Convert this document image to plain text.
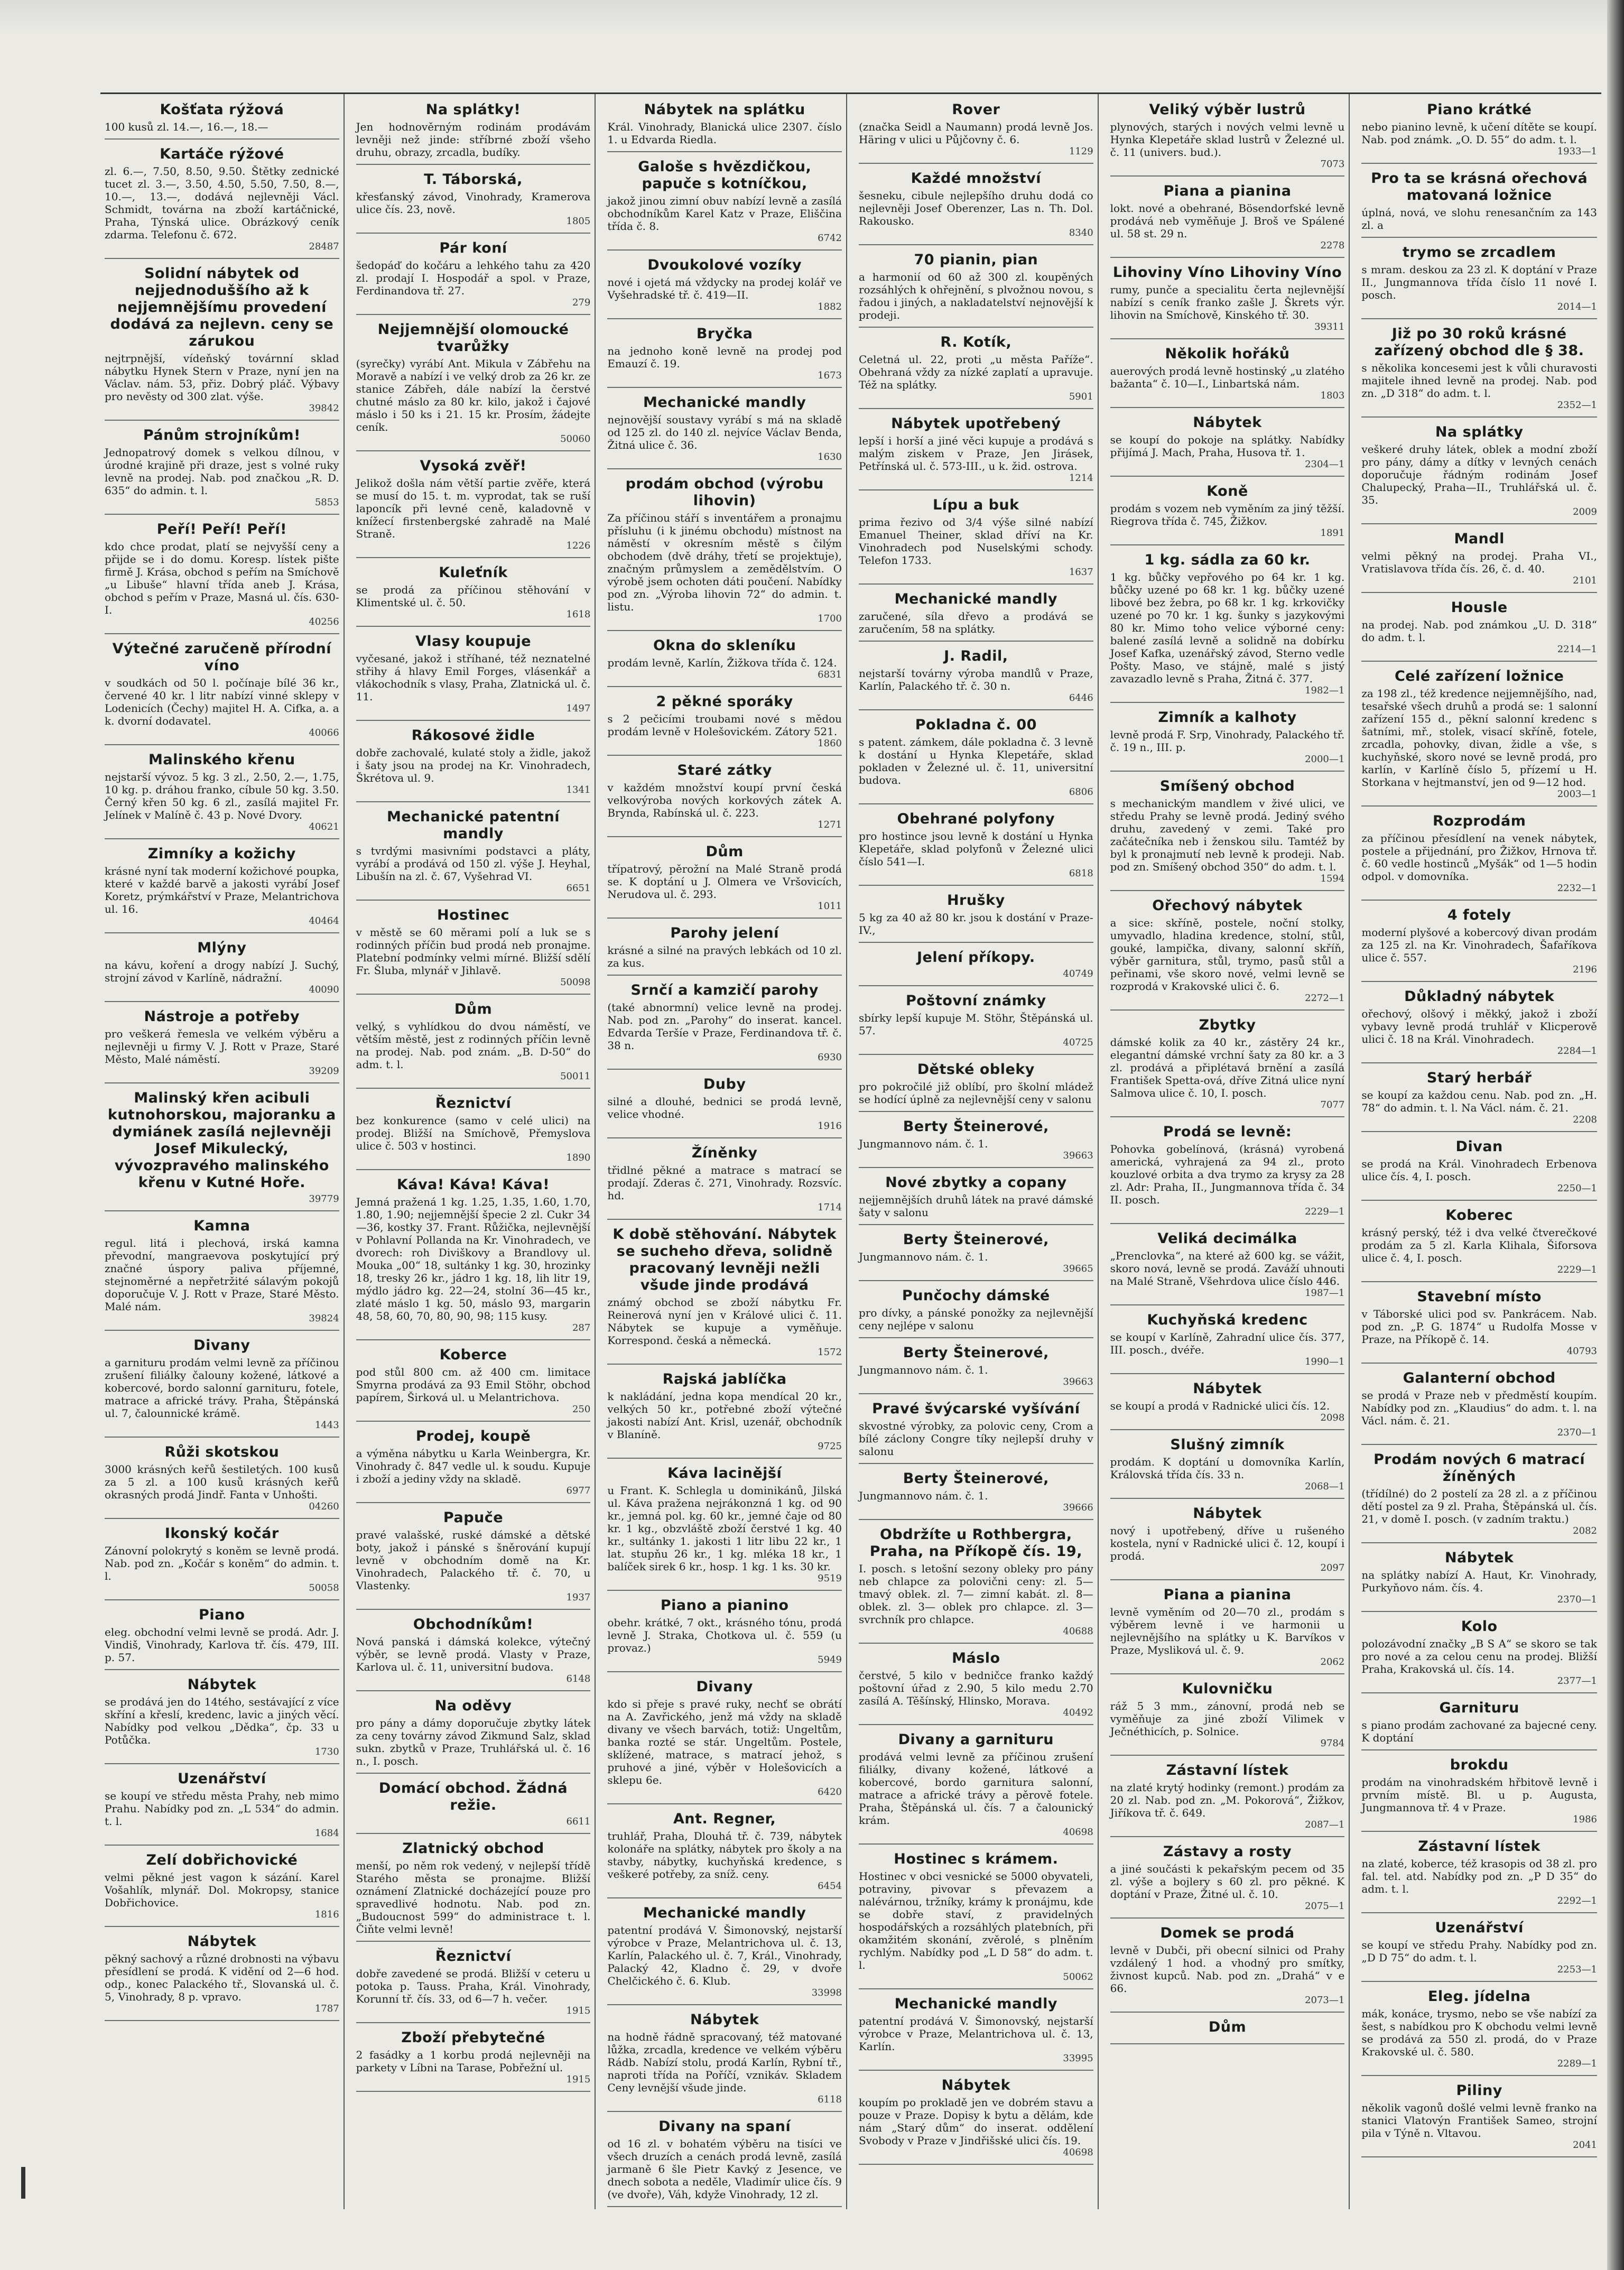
Košťata rýžová
100 kusů zl. 14.—, 16.—, 18.—
Kartáče rýžové
zl. 6.—, 7.50, 8.50, 9.50. Štětky zednické tucet zl. 3.—, 3.50, 4.50, 5.50, 7.50, 8.—, 10.—, 13.—, dodává nejlevněji Václ. Schmidt, továrna na zboží kartáčnické, Praha, Týnská ulice. Obrázkový ceník zdarma. Telefonu č. 672.
28487
Solidní nábytek od nejjednoduššího až k nejjemnějšímu provedení dodává za nejlevn. ceny se zárukou
nejtrpnější, vídeňský továrnní sklad nábytku Hynek Stern v Praze, nyní jen na Václav. nám. 53, přiz. Dobrý pláč. Výbavy pro nevěsty od 300 zlat. výše.
39842
Pánům strojníkům!
Jednopatrový domek s velkou dílnou, v úrodné krajině při draze, jest s volné ruky levně na prodej. Nab. pod značkou „R. D. 635“ do admin. t. l.
5853
Peří! Peří! Peří!
kdo chce prodat, platí se nejvyšší ceny a přijde se i do domu. Koresp. lístek pište firmě J. Krása, obchod s peřím na Smíchově „u Libuše“ hlavní třída aneb J. Krása, obchod s peřím v Praze, Masná ul. čís. 630-I.
40256
Výtečné zaručeně přírodní víno
v soudkách od 50 l. počínaje bílé 36 kr., červené 40 kr. l litr nabízí vinné sklepy v Lodenicích (Čechy) majitel H. A. Cifka, a. a k. dvorní dodavatel.
40066
Malinského křenu
nejstarší vývoz. 5 kg. 3 zl., 2.50, 2.—, 1.75, 10 kg. p. dráhou franko, cíbule 50 kg. 3.50. Černý křen 50 kg. 6 zl., zasílá majitel Fr. Jelínek v Malíně č. 43 p. Nové Dvory.
40621
Zimníky a kožichy
krásné nyní tak moderní kožichové poupka, které v každé barvě a jakosti vyrábí Josef Koretz, prýmkářství v Praze, Melantrichova ul. 16.
40464
Mlýny
na kávu, koření a drogy nabízí J. Suchý, strojní závod v Karlíně, nádražní.
40090
Nástroje a potřeby
pro veškerá řemesla ve velkém výběru a nejlevněji u firmy V. J. Rott v Praze, Staré Město, Malé náměstí.
39209
Malinský křen acibuli kutnohorskou, majoranku a dymiánek zasílá nejlevněji Josef Mikulecký, vývozpravého malinského křenu v Kutné Hoře.
39779
Kamna
regul. litá i plechová, irská kamna převodní, mangraevova poskytující prý značné úspory paliva příjemné, stejnoměrné a nepřetržité sálavým pokojů doporučuje V. J. Rott v Praze, Staré Město. Malé nám.
39824
Divany
a garnituru prodám velmi levně za příčinou zrušení filiálky čalouny kožené, látkové a kobercové, bordo salonní garnituru, fotele, matrace a africké trávy. Praha, Štěpánská ul. 7, čalounnické krámě.
1443
Růži skotskou
3000 krásných keřů šestiletých. 100 kusů za 5 zl. a 100 kusů krásných keřů okrasných prodá Jindř. Fanta v Unhošti.
04260
Ikonský kočár
Zánovní polokrytý s koněm se levně prodá. Nab. pod zn. „Kočár s koněm“ do admin. t. l.
50058
Piano
eleg. obchodní velmi levně se prodá. Adr. J. Vindiš, Vinohrady, Karlova tř. čís. 479, III. p. 57.
Nábytek
se prodává jen do 14tého, sestávající z více skříní a křeslí, kredenc, lavic a jiných věcí. Nabídky pod velkou „Dědka“, čp. 33 u Potůčka.
1730
Uzenářství
se koupí ve středu města Prahy, neb mimo Prahu. Nabídky pod zn. „L 534“ do admin. t. l.
1684
Zelí dobřichovické
velmi pěkné jest vagon k sázání. Karel Vošahlík, mlynář. Dol. Mokropsy, stanice Dobřichovice.
1816
Nábytek
pěkný sachový a různé drobnosti na výbavu přesídlení se prodá. K vidění od 2—6 hod. odp., konec Palackého tř., Slovanská ul. č. 5, Vinohrady, 8 p. vpravo.
1787
Na splátky!
Jen hodnověrným rodinám prodávám levněji než jinde: stříbrné zboží všeho druhu, obrazy, zrcadla, budíky.
T. Táborská,
křesťanský závod, Vinohrady, Kramerova ulice čís. 23, nově.
1805
Pár koní
šedopáď do kočáru a lehkého tahu za 420 zl. prodají I. Hospodář a spol. v Praze, Ferdinandova tř. 27.
279
Nejjemnější olomoucké tvarůžky
(syrečky) vyrábí Ant. Mikula v Zábřehu na Moravě a nabízí i ve velký drob za 26 kr. ze stanice Zábřeh, dále nabízí la čerstvé chutné máslo za 80 kr. kilo, jakož i čajové máslo i 50 ks i 21. 15 kr. Prosím, žádejte ceník.
50060
Vysoká zvěř!
Jelikož došla nám větší partie zvěře, která se musí do 15. t. m. vyprodat, tak se ruší laponcík při levné ceně, kaladovně v knížecí firstenbergské zahradě na Malé Straně.
1226
Kuleťník
se prodá za příčinou stěhování v Klimentské ul. č. 50.
1618
Vlasy koupuje
vyčesané, jakož i stříhané, též neznatelné střihy á hlavy Emil Forges, vlásenkář a vlákochodník s vlasy, Praha, Zlatnická ul. č. 11.
1497
Rákosové židle
dobře zachovalé, kulaté stoly a židle, jakož i šaty jsou na prodej na Kr. Vinohradech, Škrétova ul. 9.
1341
Mechanické patentní mandly
s tvrdými masivními podstavci a pláty, vyrábí a prodává od 150 zl. výše J. Heyhal, Libušín na zl. č. 67, Vyšehrad VI.
6651
Hostinec
v městě se 60 měrami polí a luk se s rodinných příčin bud prodá neb pronajme. Platební podmínky velmi mírné. Bližší sdělí Fr. Šluba, mlynář v Jihlavě.
50098
Dům
velký, s vyhlídkou do dvou náměstí, ve větším městě, jest z rodinných příčin levně na prodej. Nab. pod znám. „B. D-50“ do adm. t. l.
50011
Řeznictví
bez konkurence (samo v celé ulici) na prodej. Bližší na Smíchově, Přemyslova ulice č. 503 v hostinci.
1890
Káva! Káva! Káva!
Jemná pražená 1 kg. 1.25, 1.35, 1.60, 1.70, 1.80, 1.90; nejjemnější špecie 2 zl. Cukr 34—36, kostky 37. Frant. Růžička, nejlevnější v Pohlavní Pollanda na Kr. Vinohradech, ve dvorech: roh Diviškovy a Brandlovy ul. Mouka „00“ 18, sultánky 1 kg. 30, hrozinky 18, tresky 26 kr., jádro 1 kg. 18, lih litr 19, mýdlo jádro kg. 22—24, stolní 36—45 kr., zlaté máslo 1 kg. 50, máslo 93, margarin 48, 58, 60, 70, 80, 90, 98; 115 kusy.
287
Koberce
pod stůl 800 cm. až 400 cm. limitace Smyrna prodává za 93 Emil Stöhr, obchod papírem, Širková ul. u Melantrichova.
250
Prodej, koupě
a výměna nábytku u Karla Weinbergra, Kr. Vinohrady č. 847 vedle ul. k soudu. Kupuje i zboží a jediny vždy na skladě.
6977
Papuče
pravé valašské, ruské dámské a dětské boty, jakož i pánské s šněrování kupují levně v obchodním domě na Kr. Vinohradech, Palackého tř. č. 70, u Vlastenky.
1937
Obchodníkům!
Nová panská i dámská kolekce, výtečný výběr, se levně prodá. Vlasty v Praze, Karlova ul. č. 11, universitní budova.
6148
Na oděvy
pro pány a dámy doporučuje zbytky látek za ceny továrny závod Zikmund Salz, sklad sukn. zbytků v Praze, Truhlářská ul. č. 16 n., I. posch.
Domácí obchod. Žádná režie.
6611
Zlatnický obchod
menší, po něm rok vedený, v nejlepší třídě Starého města se pronajme. Bližší oznámení Zlatnické docházející pouze pro spravedlivé hodnotu. Nab. pod zn. „Budoucnost 599“ do administrace t. l. Čiňte velmi levně!
Řeznictví
dobře zavedené se prodá. Bližší v ceteru u potoka p. Tauss. Praha, Král. Vinohrady, Korunní tř. čís. 33, od 6—7 h. večer.
1915
Zboží přebytečné
2 fasádky a 1 korbu prodá nejlevněji na parkety v Líbni na Tarase, Pobřežní ul.
1915
Nábytek na splátku
Král. Vinohrady, Blanická ulice 2307. číslo 1. u Edvarda Riedla.
Galoše s hvězdičkou, papuče s kotníčkou,
jakož jinou zimní obuv nabízí levně a zasílá obchodníkům Karel Katz v Praze, Eliščina třída č. 8.
6742
Dvoukolové vozíky
nové i ojetá má vždycky na prodej kolář ve Vyšehradské tř. č. 419—II.
1882
Bryčka
na jednoho koně levně na prodej pod Emauzí č. 19.
1673
Mechanické mandly
nejnovější soustavy vyrábí s má na skladě od 125 zl. do 140 zl. nejvíce Václav Benda, Žitná ulice č. 36.
1630
prodám obchod (výrobu lihovin)
Za příčinou stáří s inventářem a pronajmu přísluhu (i k jinému obchodu) místnost na náměstí v okresním městě s čilým obchodem (dvě dráhy, třetí se projektuje), značným průmyslem a zemědělstvím. O výrobě jsem ochoten dáti poučení. Nabídky pod zn. „Výroba lihovin 72“ do admin. t. listu.
1700
Okna do skleníku
prodám levně, Karlín, Žižkova třída č. 124.
6831
2 pěkné sporáky
s 2 pečicími troubami nové s mědou prodám levně v Holešovickém. Zátory 521.
1860
Staré zátky
v každém množství koupí první česká velkovýroba nových korkových zátek A. Brynda, Rabínská ul. č. 223.
1271
Dům
třípatrový, pěrožní na Malé Straně prodá se. K doptání u J. Olmera ve Vršovicích, Nerudova ul. č. 293.
1011
Parohy jelení
krásné a silné na pravých lebkách od 10 zl. za kus.
Srnčí a kamzičí parohy
(také abnormní) velice levně na prodej. Nab. pod zn. „Parohy“ do inserat. kancel. Edvarda Teršíe v Praze, Ferdinandova tř. č. 38 n.
6930
Duby
silné a dlouhé, bednici se prodá levně, velice vhodné.
1916
Žíněnky
třidlné pěkné a matrace s matrací se prodají. Zderas č. 271, Vinohrady. Rozsvíc. hd.
1714
K době stěhování. Nábytek se sucheho dřeva, solidně pracovaný levněji nežli všude jinde prodává
známý obchod se zboží nábytku Fr. Reinerová nyní jen v Králové ulici č. 11. Nábytek se kupuje a vyměňuje. Korrespond. česká a německá.
1572
Rajská jablíčka
k nakládání, jedna kopa mendícal 20 kr., velkých 50 kr., potřebné zboží výtečné jakosti nabízí Ant. Krisl, uzenář, obchodník v Blaníně.
9725
Káva lacinější
u Frant. K. Schlegla u dominikánů, Jilská ul. Káva pražena nejrákonzná 1 kg. od 90 kr., jemná pol. kg. 60 kr., jemné čaje od 80 kr. 1 kg., obzvláště zboží čerstvé 1 kg. 40 kr., sultánky 1. jakosti 1 litr libu 22 kr., 1 lat. stupňu 26 kr., 1 kg. mléka 18 kr., 1 balíček sirek 6 kr., hosp. 1 kg. 1 ks. 30 kr.
9519
Piano a pianino
obehr. krátké, 7 okt., krásného tónu, prodá levně J. Straka, Chotkova ul. č. 559 (u provaz.)
5949
Divany
kdo si přeje s pravé ruky, nechť se obrátí na A. Zavřického, jenž má vždy na skladě divany ve všech barvách, totiž: Ungeltům, banka rozté se stár. Ungeltům. Postele, sklížené, matrace, s matrací jehož, s pruhové a jiné, výběr v Holešovicích a sklepu 6e.
6420
Ant. Regner,
truhlář, Praha, Dlouhá tř. č. 739, nábytek kolonáře na splátky, nábytek pro školy a na stavby, nábytky, kuchyňská kredence, s veškeré potřeby, za sníž. ceny.
6454
Mechanické mandly
patentní prodává V. Šimonovský, nejstarší výrobce v Praze, Melantrichova ul. č. 13, Karlín, Palackého ul. č. 7, Král., Vinohrady, Palacký 42, Kladno č. 29, v dvoře Chelčického č. 6. Klub.
33998
Nábytek
na hodně řádně spracovaný, též matované lůžka, zrcadla, kredence ve velkém výběru Rádb. Nabízí stolu, prodá Karlín, Rybní tř., naproti třída na Poříčí, vznikáv. Skladem Ceny levnější všude jinde.
6118
Divany na spaní
od 16 zl. v bohatém výběru na tisíci ve všech druzích a cenách prodá levně, zasílá jarmaně 6 šle Pietr Kavký z Jesence, ve dnech sobota a neděle, Vladimír ulice čís. 9 (ve dvoře), Váh, kdyže Vinohrady, 12 zl.
Rover
(značka Seidl a Naumann) prodá levně Jos. Häring v ulici u Půjčovny č. 6.
1129
Každé množství
šesneku, cibule nejlepšího druhu dodá co nejlevněji Josef Oberenzer, Las n. Th. Dol. Rakousko.
8340
70 pianin, pian
a harmonií od 60 až 300 zl. koupěných rozsáhlých k ohřejnění, s plvožnou novou, s řadou i jiných, a nakladatelství nejnovější k prodeji.
R. Kotík,
Celetná ul. 22, proti „u města Paříže“. Obehraná vždy za nízké zaplatí a upravuje. Též na splátky.
5901
Nábytek upotřebený
lepší i horší a jiné věci kupuje a prodává s malým ziskem v Praze, Jen Jirásek, Petřínská ul. č. 573-III., u k. žid. ostrova.
1214
Lípu a buk
prima řezivo od 3/4 výše silné nabízí Emanuel Theiner, sklad dříví na Kr. Vinohradech pod Nuselskými schody. Telefon 1733.
1637
Mechanické mandly
zaručené, síla dřevo a prodává se zaručením, 58 na splátky.
J. Radil,
nejstarší továrny výroba mandlů v Praze, Karlín, Palackého tř. č. 30 n.
6446
Pokladna č. 00
s patent. zámkem, dále pokladna č. 3 levně k dostání u Hynka Klepetáře, sklad pokladen v Železné ul. č. 11, universitní budova.
6806
Obehrané polyfony
pro hostince jsou levně k dostání u Hynka Klepetáře, sklad polyfonů v Železné ulici číslo 541—I.
6818
Hrušky
5 kg za 40 až 80 kr. jsou k dostání v Praze-IV.,
Jelení příkopy.
40749
Poštovní známky
sbírky lepší kupuje M. Stöhr, Štěpánská ul. 57.
40725
Dětské obleky
pro pokročilé již oblíbí, pro školní mládež se hodící úplně za nejlevnější ceny v salonu
Berty Šteinerové,
Jungmannovo nám. č. 1.
39663
Nové zbytky a copany
nejjemnějších druhů látek na pravé dámské šaty v salonu
Berty Šteinerové,
Jungmannovo nám. č. 1.
39665
Punčochy dámské
pro dívky, a pánské ponožky za nejlevnější ceny nejlépe v salonu
Berty Šteinerové,
Jungmannovo nám. č. 1.
39663
Pravé švýcarské vyšívání
skvostné výrobky, za polovic ceny, Crom a bílé záclony Congre tíky nejlepší druhy v salonu
Berty Šteinerové,
Jungmannovo nám. č. 1.
39666
Obdržíte u Rothbergra, Praha, na Příkopě čís. 19,
I. posch. s letošní sezony obleky pro pány neb chlapce za polovični ceny: zl. 5— tmavý oblek. zl. 7— zimní kabát. zl. 8— oblek. zl. 3— oblek pro chlapce. zl. 3— svrchník pro chlapce.
40688
Máslo
čerstvé, 5 kilo v bedničce franko každý poštovní úřad z 2.90, 5 kilo medu 2.70 zasílá A. Těšínský, Hlinsko, Morava.
40492
Divany a garnituru
prodává velmi levně za příčinou zrušení filiálky, divany kožené, látkové a kobercové, bordo garnitura salonní, matrace a africké trávy a pěrově fotele. Praha, Štěpánská ul. čís. 7 a čalounický krám.
40698
Hostinec s krámem.
Hostinec v obci vesnické se 5000 obyvateli, potraviny, pivovar s převazem a nalévárnou, tržníky, krámy k pronájmu, kde se dobře staví, z pravidelných hospodářských a rozsáhlých platebních, při okamžitém skonání, zvěrolé, s plněním rychlým. Nabídky pod „L D 58“ do adm. t. l.
50062
Mechanické mandly
patentní prodává V. Šimonovský, nejstarší výrobce v Praze, Melantrichova ul. č. 13, Karlín.
33995
Nábytek
koupím po prokladě jen ve dobrém stavu a pouze v Praze. Dopisy k bytu a dělám, kde nám „Starý dům“ do inserat. oddělení Svobody v Praze v Jindřišské ulici čís. 19.
40698
Veliký výběr lustrů
plynových, starých i nových velmi levně u Hynka Klepetáře sklad lustrů v Železné ul. č. 11 (univers. bud.).
7073
Piana a pianina
lokt. nové a obehrané, Bösendorfské levně prodává neb vyměňuje J. Broš ve Spálené ul. 58 st. 29 n.
2278
Lihoviny Víno Lihoviny Víno
rumy, punče a specialitu čerta nejlevnější nabízí s ceník franko zašle J. Škrets výr. lihovin na Smíchově, Kinského tř. 30.
39311
Několik hořáků
auerových prodá levně hostinský „u zlatého bažanta“ č. 10—I., Linbartská nám.
1803
Nábytek
se koupí do pokoje na splátky. Nabídky přijímá J. Mach, Praha, Husova tř. 1.
2304—1
Koně
prodám s vozem neb vyměním za jiný těžší. Riegrova třída č. 745, Žižkov.
1891
1 kg. sádla za 60 kr.
1 kg. bůčky vepřového po 64 kr. 1 kg. bůčky uzené po 68 kr. 1 kg. bůčky uzené libové bez žebra, po 68 kr. 1 kg. krkovičky uzené po 70 kr. 1 kg. šunky s jazykovými 80 kr. Mimo toho velice výborné ceny: balené zasílá levně a solidně na dobírku Josef Kafka, uzenářský závod, Sterno vedle Pošty. Maso, ve stájně, malé s jistý zavazadlo levně s Praha, Žitná č. 377.
1982—1
Zimník a kalhoty
levně prodá F. Srp, Vinohrady, Palackého tř. č. 19 n., III. p.
2000—1
Smíšený obchod
s mechanickým mandlem v živé ulici, ve středu Prahy se levně prodá. Jediný svého druhu, zavedený v zemi. Také pro začátečníka neb i ženskou silu. Tamtéž by byl k pronajmutí neb levně k prodeji. Nab. pod zn. Smíšený obchod 350“ do adm. t. l.
1594
Ořechový nábytek
a sice: skříně, postele, noční stolky, umyvadlo, hladina kredence, stolní, stůl, gouké, lampička, divany, salonní skříň, výběr garnitura, stůl, trymo, pasů stůl a peřinami, vše skoro nové, velmi levně se rozprodá v Krakovské ulici č. 6.
2272—1
Zbytky
dámské kolik za 40 kr., zástěry 24 kr., elegantní dámské vrchní šaty za 80 kr. a 3 zl. prodává a připlétavá brnění a zasílá František Spetta-ová, dříve Zitná ulice nyní Salmova ulice č. 10, I. posch.
7077
Prodá se levně:
Pohovka gobelínová, (krásná) vyrobená americká, vyhrajená za 94 zl., proto kouzlové orbita a dva trymo za krysy za 28 zl. Adr: Praha, II., Jungmannova třída č. 34 II. posch.
2229—1
Veliká decimálka
„Prenclovka“, na které až 600 kg. se vážit, skoro nová, levně se prodá. Zaváží uhnouti na Malé Straně, Všehrdova ulice číslo 446.
1987—1
Kuchyňská kredenc
se koupí v Karlíně, Zahradní ulice čís. 377, III. posch., dvéře.
1990—1
Nábytek
se koupí a prodá v Radnické ulici čís. 12.
2098
Slušný zimník
prodám. K doptání u domovníka Karlín, Královská třída čís. 33 n.
2068—1
Nábytek
nový i upotřebený, dříve u rušeného kostela, nyní v Radnické ulici č. 12, koupí i prodá.
2097
Piana a pianina
levně vyměním od 20—70 zl., prodám s výběrem levně i ve harmonii u nejlevnějšího na splátky u K. Barvíkos v Praze, Mysliková ul. č. 9.
2062
Kulovničku
ráž 5 3 mm., zánovní, prodá neb se vyměňuje za jiné zboží Vilimek v Ječnéthicích, p. Solnice.
9784
Zástavní lístek
na zlaté krytý hodinky (remont.) prodám za 20 zl. Nab. pod zn. „M. Pokorová“, Žižkov, Jiříkova tř. č. 649.
2087—1
Zástavy a rosty
a jiné součásti k pekařským pecem od 35 zl. výše a bojlery s 60 zl. pro pěkné. K doptání v Praze, Žitné ul. č. 10.
2075—1
Domek se prodá
levně v Dubči, při obecní silnici od Prahy vzdálený 1 hod. a vhodný pro smítky, živnost kupců. Nab. pod zn. „Drahá“ v e 66.
2073—1
Dům
Piano krátké
nebo pianino levně, k učení dítěte se koupí. Nab. pod známk. „O. D. 55“ do adm. t. l.
1933—1
Pro ta se krásná ořechová matovaná ložnice
úplná, nová, ve slohu renesančním za 143 zl. a
trymo se zrcadlem
s mram. deskou za 23 zl. K doptání v Praze II., Jungmannova třída číslo 11 nové I. posch.
2014—1
Již po 30 roků krásné zařízený obchod dle § 38.
s několika koncesemi jest k vůli churavosti majitele ihned levně na prodej. Nab. pod zn. „D 318“ do adm. t. l.
2352—1
Na splátky
veškeré druhy látek, oblek a modní zboží pro pány, dámy a dítky v levných cenách doporučuje řádným rodinám Josef Chalupecký, Praha—II., Truhlářská ul. č. 35.
2009
Mandl
velmi pěkný na prodej. Praha VI., Vratislavova třída čís. 26, č. d. 40.
2101
Housle
na prodej. Nab. pod známkou „U. D. 318“ do adm. t. l.
2214—1
Celé zařízení ložnice
za 198 zl., též kredence nejjemnějšího, nad, tesařské všech druhů a prodá se: 1 salonní zařízení 155 d., pěkní salonní kredenc s šatními, mř., stolek, visací skříně, fotele, zrcadla, pohovky, divan, židle a vše, s kuchyňské, skoro nové se levně prodá, pro karlín, v Karlíně číslo 5, přízemí u H. Storkana v hejtmanství, jen od 9—12 hod.
2003—1
Rozprodám
za příčinou přesídlení na venek nábytek, postele a přijednání, pro Žižkov, Hrnova tř. č. 60 vedle hostinců „Myšák“ od 1—5 hodin odpol. v domovníka.
2232—1
4 fotely
moderní plyšové a kobercový divan prodám za 125 zl. na Kr. Vinohradech, Šafaříkova ulice č. 557.
2196
Důkladný nábytek
ořechový, olšový i měkký, jakož i zboží vybavy levně prodá truhlář v Klicperově ulici č. 18 na Král. Vinohradech.
2284—1
Starý herbář
se koupí za každou cenu. Nab. pod zn. „H. 78“ do admin. t. l. Na Václ. nám. č. 21.
2208
Divan
se prodá na Král. Vinohradech Erbenova ulice čís. 4, I. posch.
2250—1
Koberec
krásný perský, též i dva velké čtverečkové prodám za 5 zl. Karla Klihala, Šiforsova ulice č. 4, I. posch.
2229—1
Stavební místo
v Táborské ulici pod sv. Pankrácem. Nab. pod zn. „P. G. 1874“ u Rudolfa Mosse v Praze, na Příkopě č. 14.
40793
Galanterní obchod
se prodá v Praze neb v předměstí koupím. Nabídky pod zn. „Klaudius“ do adm. t. l. na Václ. nám. č. 21.
2370—1
Prodám nových 6 matrací žíněných
(třídílné) do 2 postelí za 28 zl. a z příčinou dětí postel za 9 zl. Praha, Štěpánská ul. čís. 21, v domě I. posch. (v zadním traktu.)
2082
Nábytek
na splátky nabízí A. Haut, Kr. Vinohrady, Purkyňovo nám. čís. 4.
2370—1
Kolo
polozávodní značky „B S A“ se skoro se tak pro nové a za celou cenu na prodej. Bližší Praha, Krakovská ul. čís. 14.
2377—1
Garnituru
s piano prodám zachované za bajecné ceny. K doptání
brokdu
prodám na vinohradském hřbitově levně i prvním místě. Bl. u p. Augusta, Jungmannova tř. 4 v Praze.
1986
Zástavní lístek
na zlaté, koberce, též krasopis od 38 zl. pro fal. tel. atd. Nabídky pod zn. „P D 35“ do adm. t. l.
2292—1
Uzenářství
se koupí ve středu Prahy. Nabídky pod zn. „D D 75“ do adm. t. l.
2253—1
Eleg. jídelna
mák, konáce, trysmo, nebo se vše nabízí za šest, s nabídkou pro K obchodu velmi levně se prodává za 550 zl. prodá, do v Praze Krakovské ul. č. 580.
2289—1
Piliny
několik vagonů došlé velmi levně franko na stanici Vlatovýn František Sameo, strojní pila v Týně n. Vltavou.
2041
